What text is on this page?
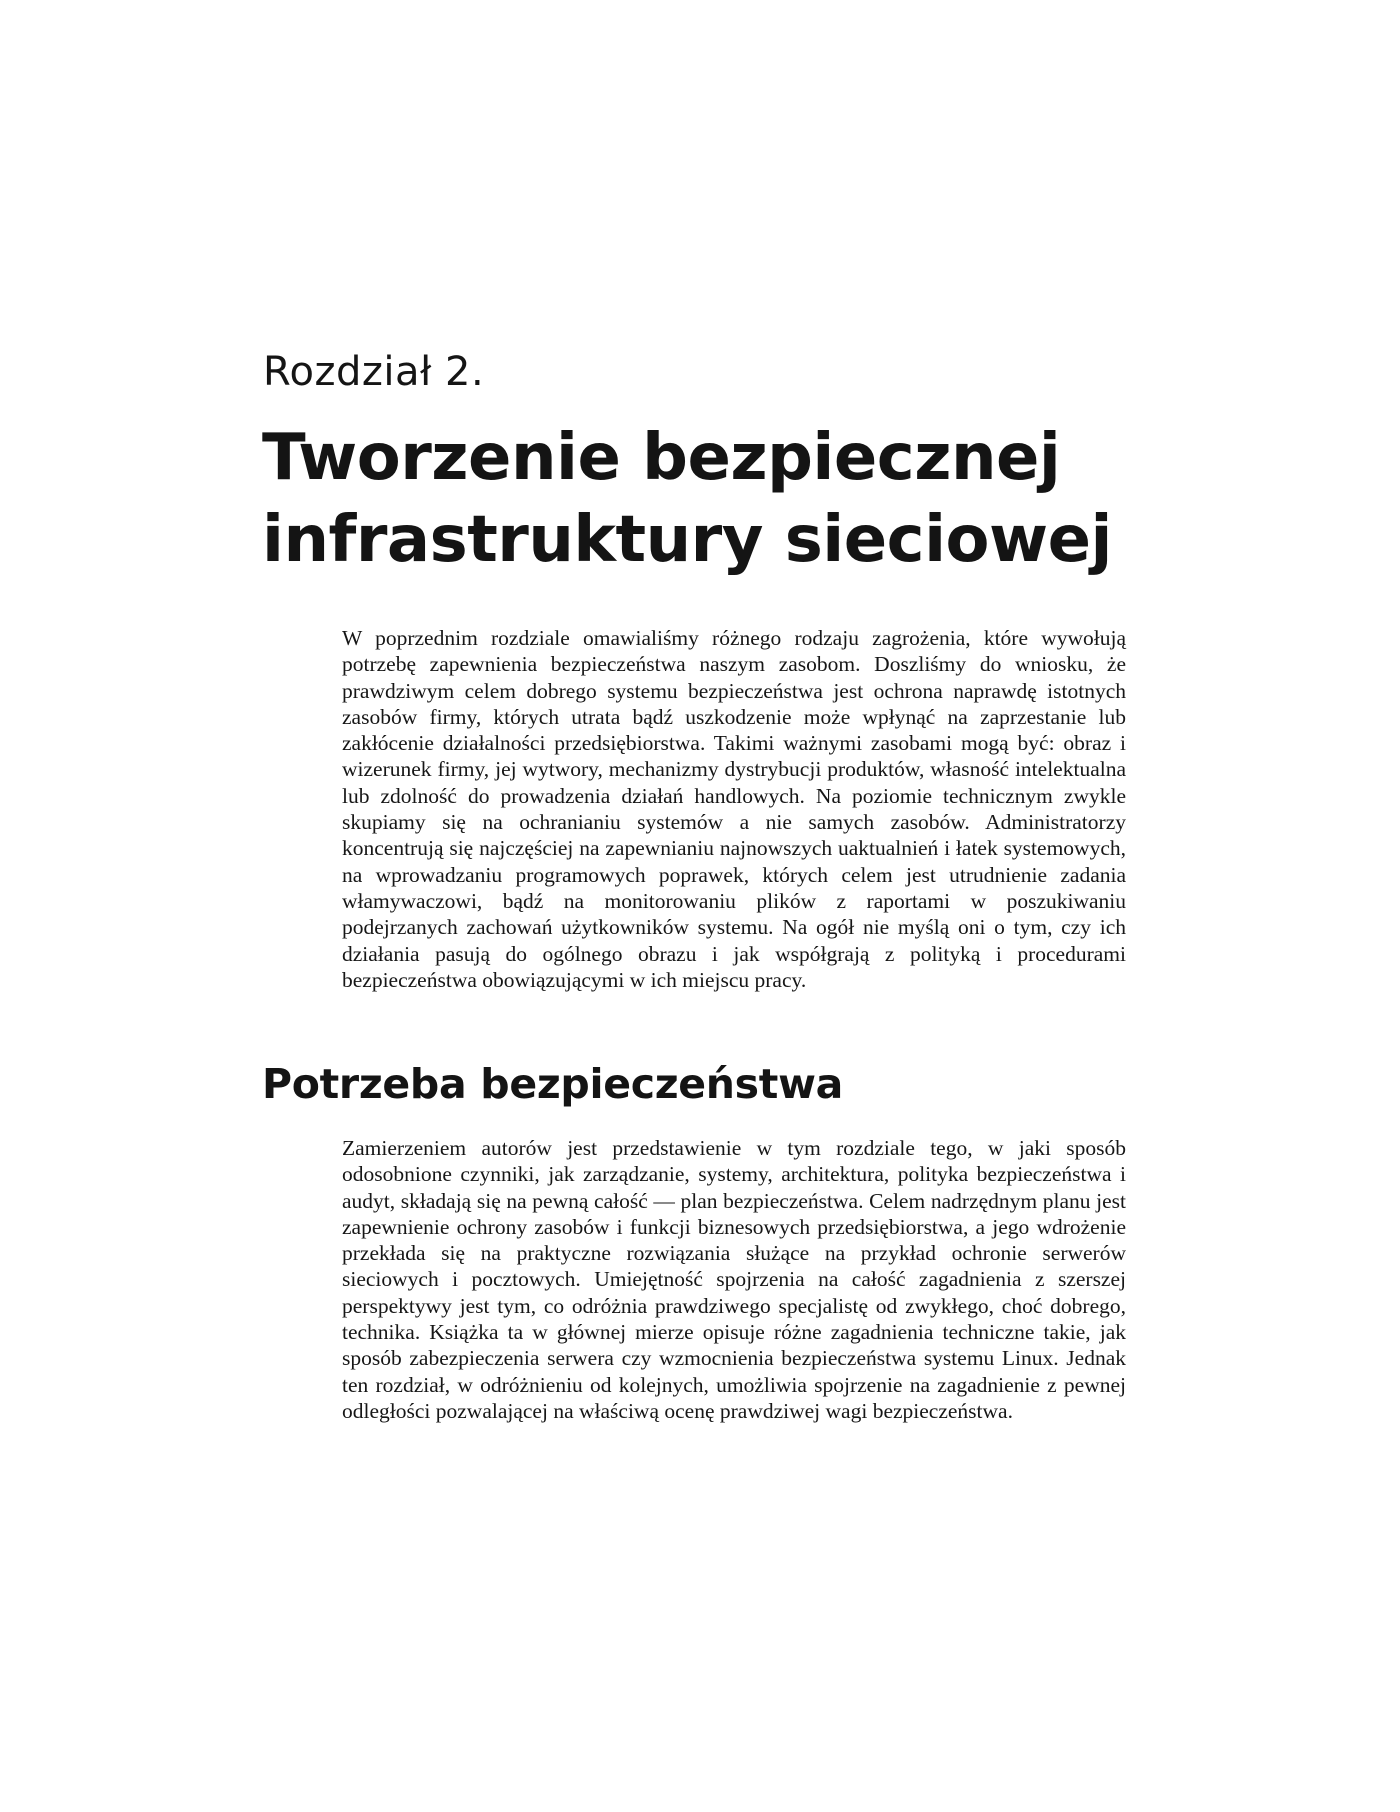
Rozdział 2.
Tworzenie bezpiecznej infrastruktury sieciowej

W poprzednim rozdziale omawialiśmy różnego rodzaju zagrożenia, które wywołują potrzebę zapewnienia bezpieczeństwa naszym zasobom. Doszliśmy do wniosku, że prawdziwym celem dobrego systemu bezpieczeństwa jest ochrona naprawdę istotnych zasobów firmy, których utrata bądź uszkodzenie może wpłynąć na zaprzestanie lub zakłócenie działalności przedsiębiorstwa. Takimi ważnymi zasobami mogą być: obraz i wizerunek firmy, jej wytwory, mechanizmy dystrybucji produktów, własność intelektualna lub zdolność do prowadzenia działań handlowych. Na poziomie technicznym zwykle skupiamy się na ochranianiu systemów a nie samych zasobów. Administratorzy koncentrują się najczęściej na zapewnianiu najnowszych uaktualnień i łatek systemowych, na wprowadzaniu programowych poprawek, których celem jest utrudnienie zadania włamywaczowi, bądź na monitorowaniu plików z raportami w poszukiwaniu podejrzanych zachowań użytkowników systemu. Na ogół nie myślą oni o tym, czy ich działania pasują do ogólnego obrazu i jak współgrają z polityką i procedurami bezpieczeństwa obowiązującymi w ich miejscu pracy.

Potrzeba bezpieczeństwa

Zamierzeniem autorów jest przedstawienie w tym rozdziale tego, w jaki sposób odosobnione czynniki, jak zarządzanie, systemy, architektura, polityka bezpieczeństwa i audyt, składają się na pewną całość — plan bezpieczeństwa. Celem nadrzędnym planu jest zapewnienie ochrony zasobów i funkcji biznesowych przedsiębiorstwa, a jego wdrożenie przekłada się na praktyczne rozwiązania służące na przykład ochronie serwerów sieciowych i pocztowych. Umiejętność spojrzenia na całość zagadnienia z szerszej perspektywy jest tym, co odróżnia prawdziwego specjalistę od zwykłego, choć dobrego, technika. Książka ta w głównej mierze opisuje różne zagadnienia techniczne takie, jak sposób zabezpieczenia serwera czy wzmocnienia bezpieczeństwa systemu Linux. Jednak ten rozdział, w odróżnieniu od kolejnych, umożliwia spojrzenie na zagadnienie z pewnej odległości pozwalającej na właściwą ocenę prawdziwej wagi bezpieczeństwa.
